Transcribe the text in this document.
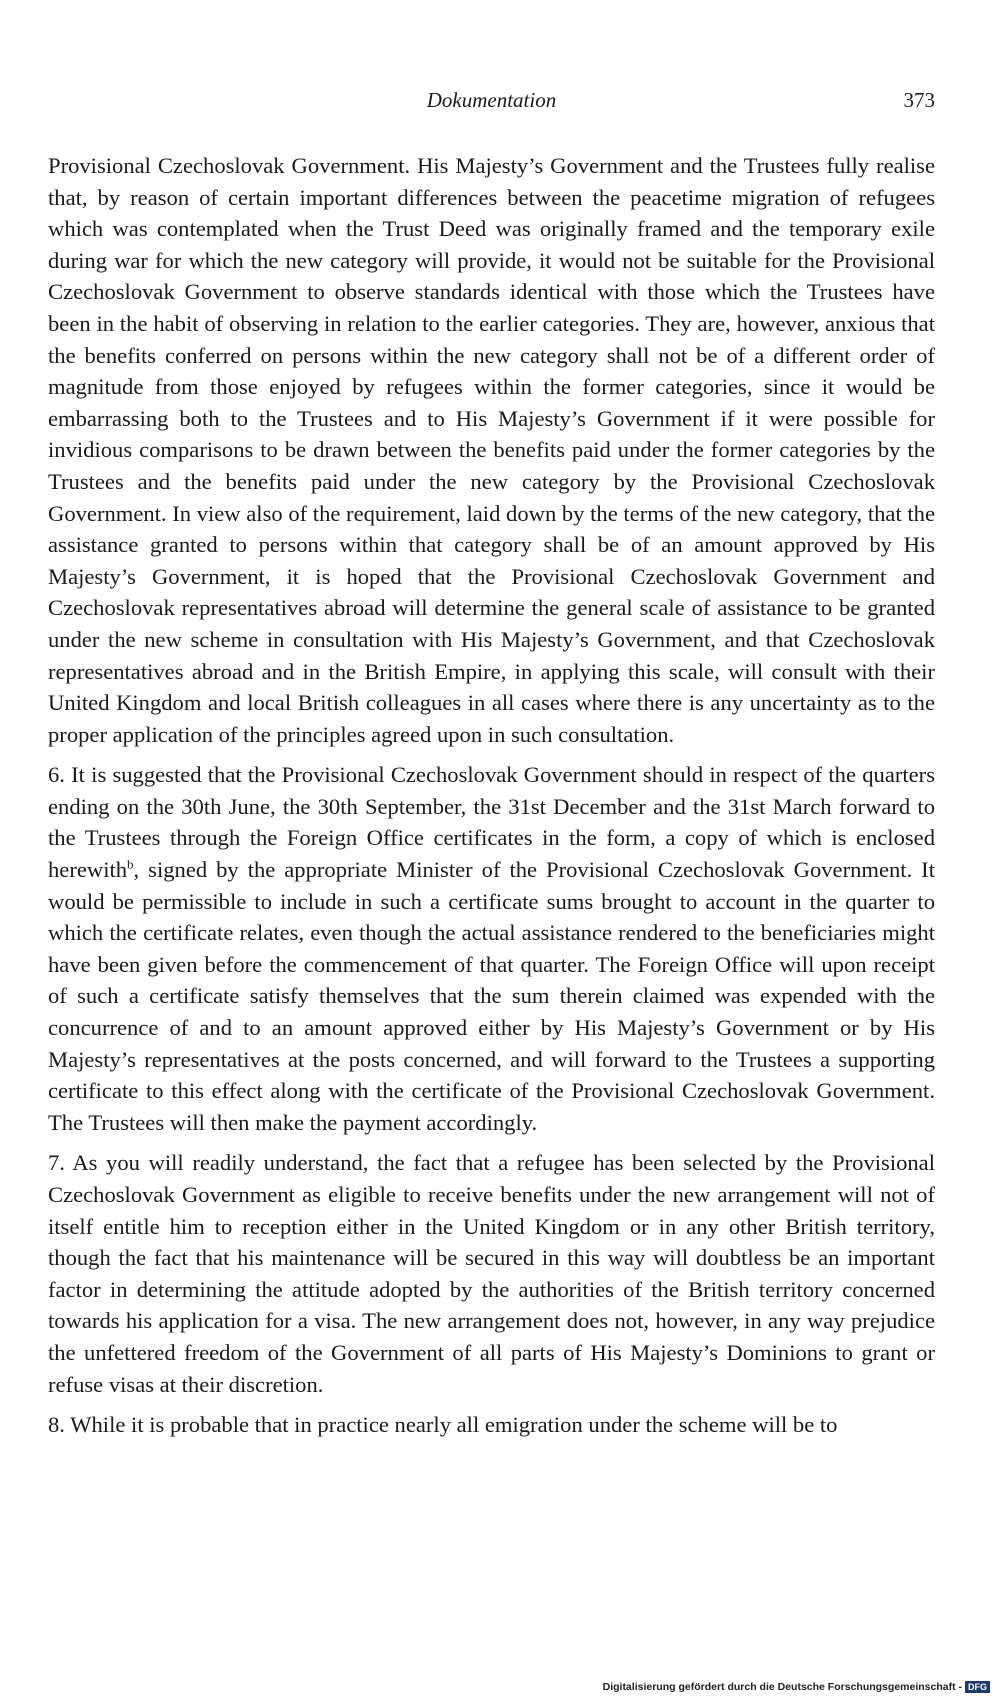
Dokumentation	373

Provisional Czechoslovak Government. His Majesty’s Government and the Trustees fully realise that, by reason of certain important differences between the peacetime migration of refugees which was contemplated when the Trust Deed was originally framed and the temporary exile during war for which the new category will provide, it would not be suitable for the Provisional Czechoslovak Government to observe standards identical with those which the Trustees have been in the habit of observing in relation to the earlier categories. They are, however, anxious that the benefits conferred on persons within the new category shall not be of a different order of magnitude from those enjoyed by refugees within the former categories, since it would be embarrassing both to the Trustees and to His Majesty’s Government if it were possible for invidious comparisons to be drawn between the benefits paid under the former categories by the Trustees and the benefits paid under the new category by the Provisional Czechoslovak Government. In view also of the requirement, laid down by the terms of the new category, that the assistance granted to persons within that category shall be of an amount approved by His Majesty’s Government, it is hoped that the Provisional Czechoslovak Government and Czechoslovak representatives abroad will determine the general scale of assistance to be granted under the new scheme in consultation with His Majesty’s Government, and that Czechoslovak representatives abroad and in the British Empire, in applying this scale, will consult with their United Kingdom and local British colleagues in all cases where there is any uncertainty as to the proper application of the principles agreed upon in such consultation.

6. It is suggested that the Provisional Czechoslovak Government should in respect of the quarters ending on the 30th June, the 30th September, the 31st December and the 31st March forward to the Trustees through the Foreign Office certificates in the form, a copy of which is enclosed herewith$^b$, signed by the appropriate Minister of the Provisional Czechoslovak Government. It would be permissible to include in such a certificate sums brought to account in the quarter to which the certificate relates, even though the actual assistance rendered to the beneficiaries might have been given before the commencement of that quarter. The Foreign Office will upon receipt of such a certificate satisfy themselves that the sum therein claimed was expended with the concurrence of and to an amount approved either by His Majesty’s Government or by His Majesty’s representatives at the posts concerned, and will forward to the Trustees a supporting certificate to this effect along with the certificate of the Provisional Czechoslovak Government. The Trustees will then make the payment accordingly.

7. As you will readily understand, the fact that a refugee has been selected by the Provisional Czechoslovak Government as eligible to receive benefits under the new arrangement will not of itself entitle him to reception either in the United Kingdom or in any other British territory, though the fact that his maintenance will be secured in this way will doubtless be an important factor in determining the attitude adopted by the authorities of the British territory concerned towards his application for a visa. The new arrangement does not, however, in any way prejudice the unfettered freedom of the Government of all parts of His Majesty’s Dominions to grant or refuse visas at their discretion.

8. While it is probable that in practice nearly all emigration under the scheme will be to

Digitalisierung gefördert durch die Deutsche Forschungsgemeinschaft - DFG
